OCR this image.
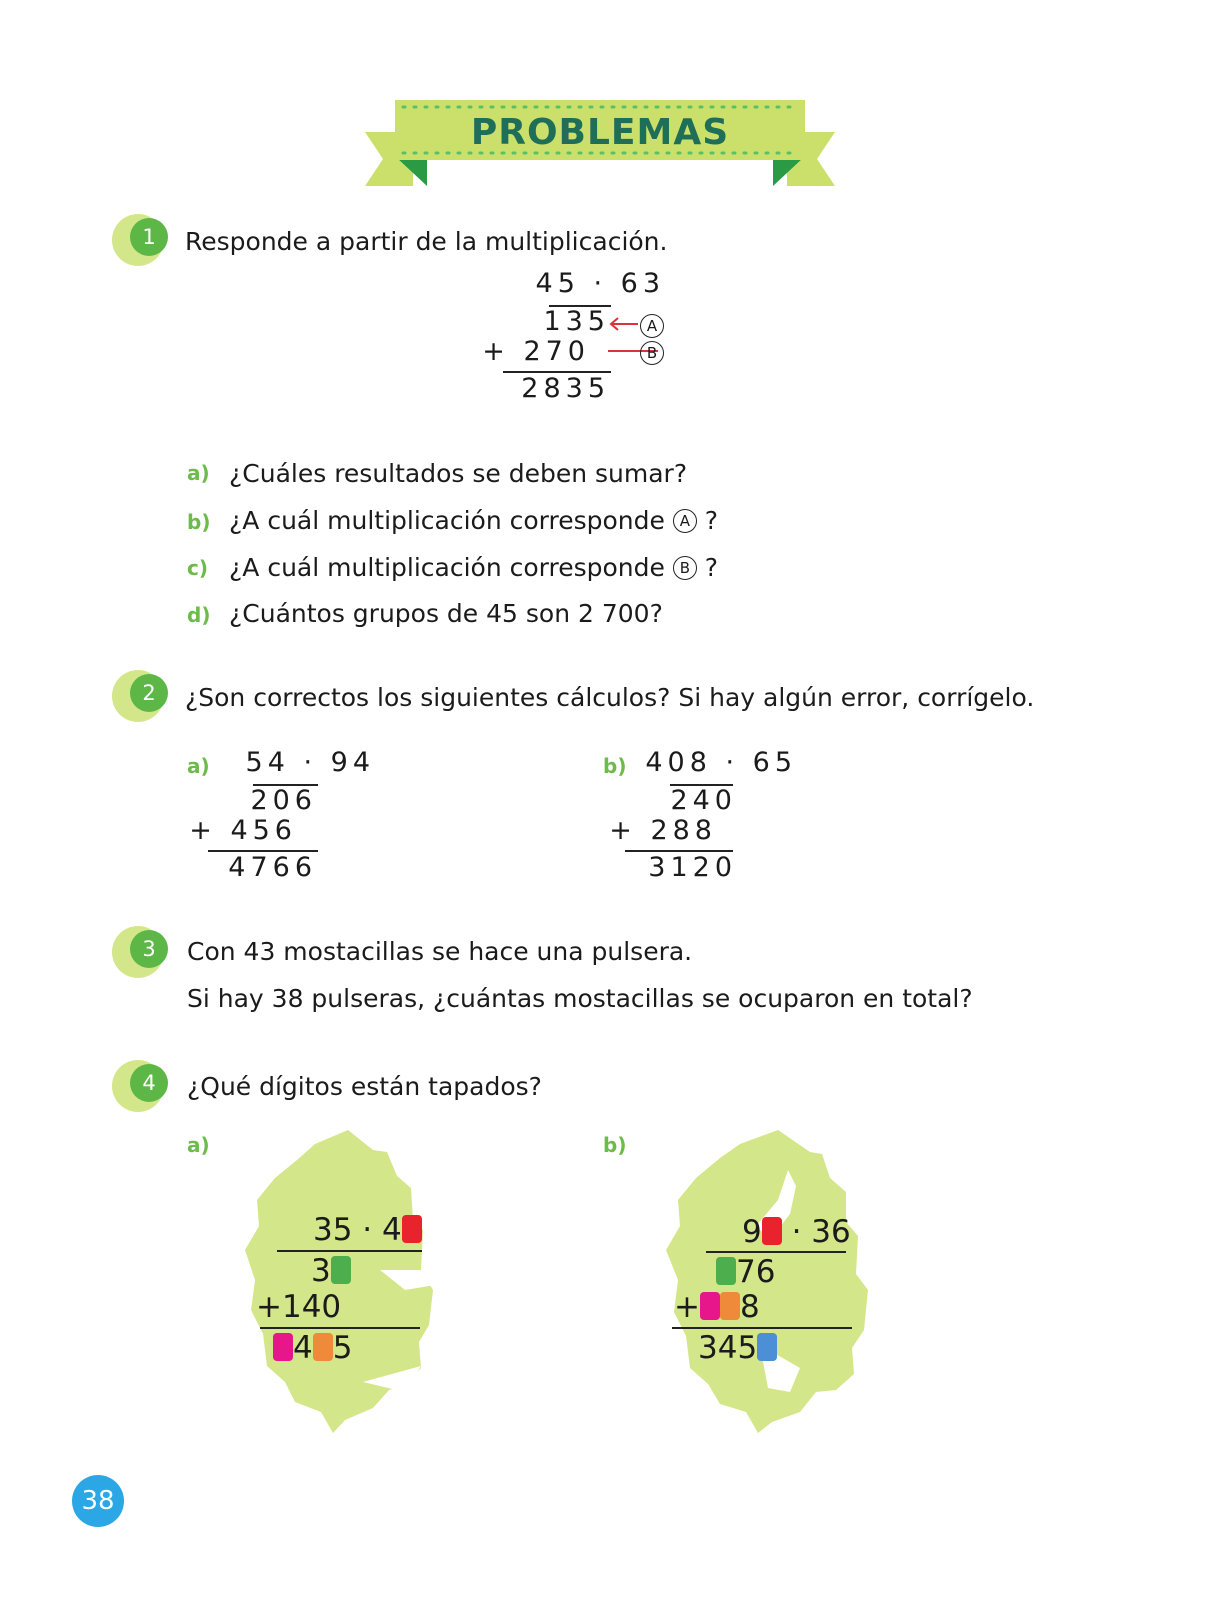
PROBLEMAS
1	Responde a partir de la multiplicación.
45 · 63
135
+ 270
2835
A
B
a) ¿Cuáles resultados se deben sumar?
b) ¿A cuál multiplicación corresponde A ?
c) ¿A cuál multiplicación corresponde B ?
d) ¿Cuántos grupos de 45 son 2 700?
2	¿Son correctos los siguientes cálculos? Si hay algún error, corrígelo.
a) 54 · 94
206
+ 456
4766
b) 408 · 65
240
+ 288
3120
3	Con 43 mostacillas se hace una pulsera.
Si hay 38 pulseras, ¿cuántas mostacillas se ocuparon en total?
4	¿Qué dígitos están tapados?
a)	b)
35 · 4
3
+140
4 5
9 · 36
76
+ 8
345
38
